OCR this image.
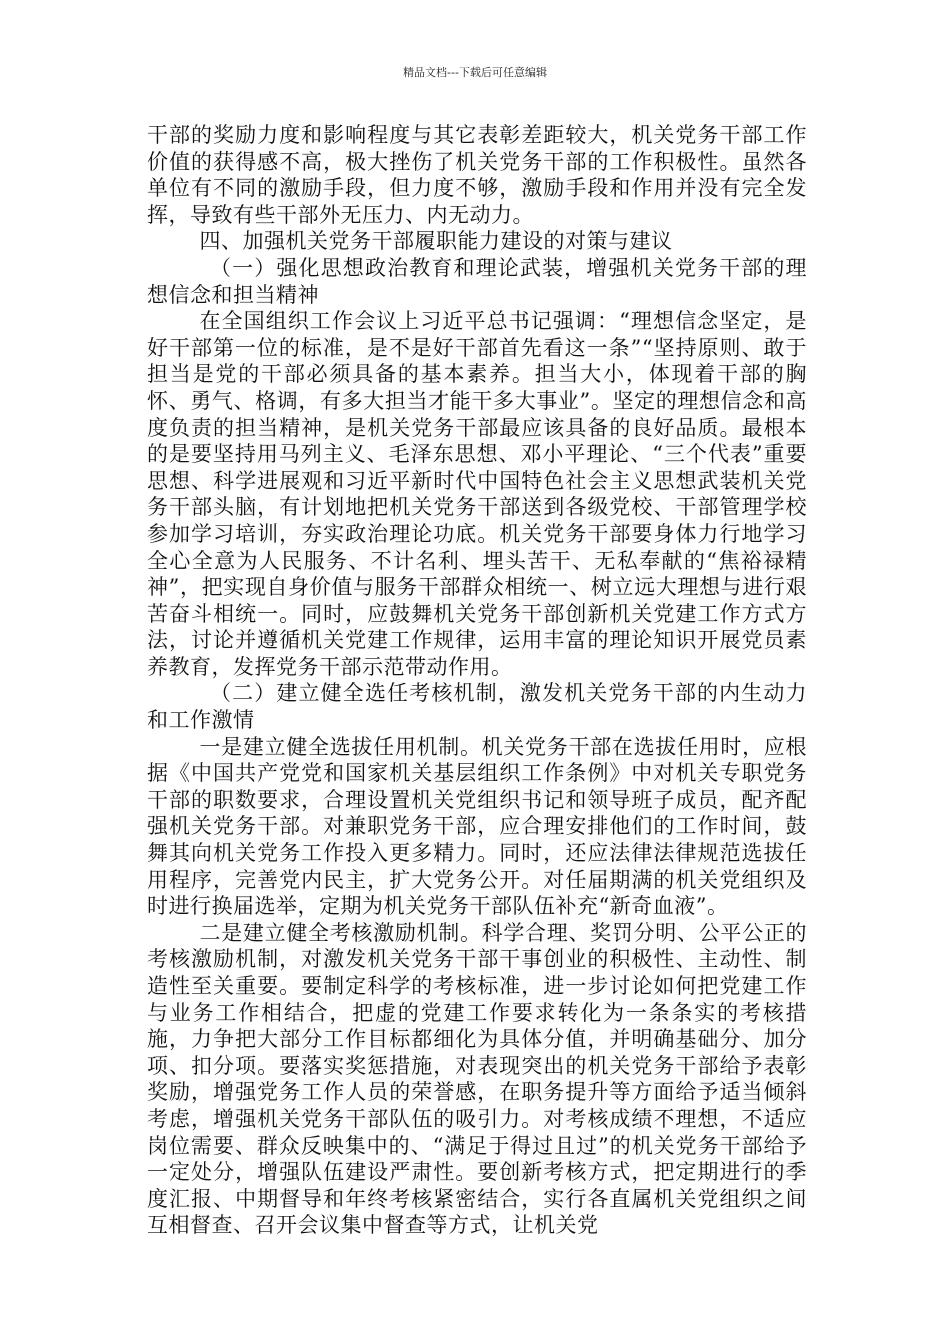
精品文档---下载后可任意编辑

干部的奖励力度和影响程度与其它表彰差距较大，机关党务干部工作价值的获得感不高，极大挫伤了机关党务干部的工作积极性。虽然各单位有不同的激励手段，但力度不够，激励手段和作用并没有完全发挥，导致有些干部外无压力、内无动力。

四、加强机关党务干部履职能力建设的对策与建议

（一）强化思想政治教育和理论武装，增强机关党务干部的理想信念和担当精神

在全国组织工作会议上习近平总书记强调：“理想信念坚定，是好干部第一位的标准，是不是好干部首先看这一条”“坚持原则、敢于担当是党的干部必须具备的基本素养。担当大小，体现着干部的胸怀、勇气、格调，有多大担当才能干多大事业”。坚定的理想信念和高度负责的担当精神，是机关党务干部最应该具备的良好品质。最根本的是要坚持用马列主义、毛泽东思想、邓小平理论、“三个代表”重要思想、科学进展观和习近平新时代中国特色社会主义思想武装机关党务干部头脑，有计划地把机关党务干部送到各级党校、干部管理学校参加学习培训，夯实政治理论功底。机关党务干部要身体力行地学习全心全意为人民服务、不计名利、埋头苦干、无私奉献的“焦裕禄精神”，把实现自身价值与服务干部群众相统一、树立远大理想与进行艰苦奋斗相统一。同时，应鼓舞机关党务干部创新机关党建工作方式方法，讨论并遵循机关党建工作规律，运用丰富的理论知识开展党员素养教育，发挥党务干部示范带动作用。

（二）建立健全选任考核机制，激发机关党务干部的内生动力和工作激情

一是建立健全选拔任用机制。机关党务干部在选拔任用时，应根据《中国共产党党和国家机关基层组织工作条例》中对机关专职党务干部的职数要求，合理设置机关党组织书记和领导班子成员，配齐配强机关党务干部。对兼职党务干部，应合理安排他们的工作时间，鼓舞其向机关党务工作投入更多精力。同时，还应法律法律规范选拔任用程序，完善党内民主，扩大党务公开。对任届期满的机关党组织及时进行换届选举，定期为机关党务干部队伍补充“新奇血液”。

二是建立健全考核激励机制。科学合理、奖罚分明、公平公正的考核激励机制，对激发机关党务干部干事创业的积极性、主动性、制造性至关重要。要制定科学的考核标准，进一步讨论如何把党建工作与业务工作相结合，把虚的党建工作要求转化为一条条实的考核措施，力争把大部分工作目标都细化为具体分值，并明确基础分、加分项、扣分项。要落实奖惩措施，对表现突出的机关党务干部给予表彰奖励，增强党务工作人员的荣誉感，在职务提升等方面给予适当倾斜考虑，增强机关党务干部队伍的吸引力。对考核成绩不理想，不适应岗位需要、群众反映集中的、“满足于得过且过”的机关党务干部给予一定处分，增强队伍建设严肃性。要创新考核方式，把定期进行的季度汇报、中期督导和年终考核紧密结合，实行各直属机关党组织之间互相督查、召开会议集中督查等方式，让机关党
